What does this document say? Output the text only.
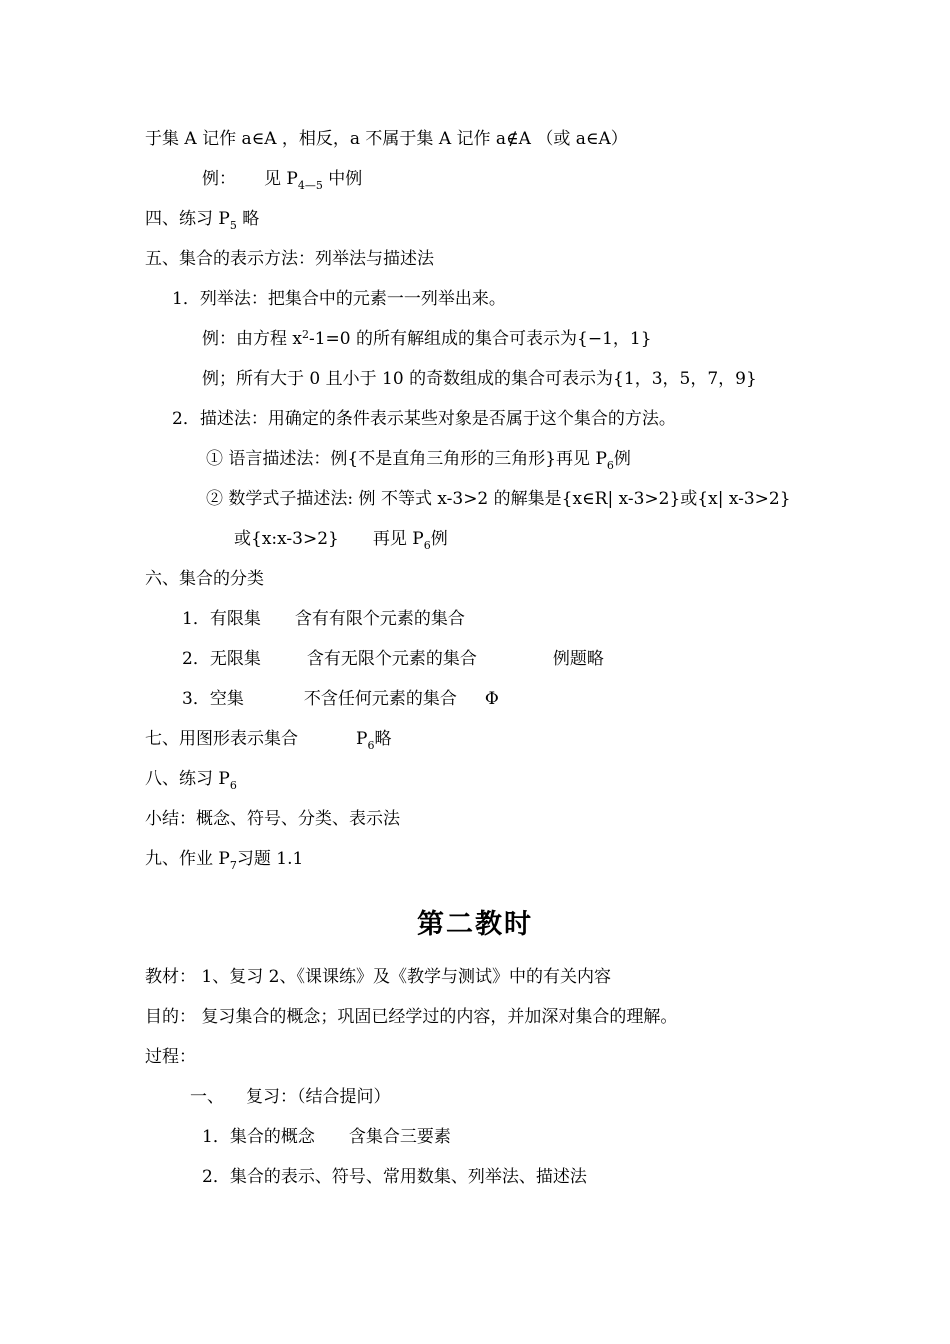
于集 A 记作 a∈A ，相反，a 不属于集 A 记作 a∉A （或 a∈A）
例： 见 $P_{4—5}$ 中例
四、练习 $P_5$ 略
五、集合的表示方法：列举法与描述法
1．列举法：把集合中的元素一一列举出来。
例：由方程 $x^2-1=0$ 的所有解组成的集合可表示为{−1，1}
例；所有大于 0 且小于 10 的奇数组成的集合可表示为{1，3，5，7，9}
2．描述法：用确定的条件表示某些对象是否属于这个集合的方法。
① 语言描述法：例{不是直角三角形的三角形}再见 $P_6$例
② 数学式子描述法: 例 不等式 x-3>2 的解集是{x∈R| x-3>2}或{x| x-3>2}
或{x:x-3>2} 再见 $P_6$例
六、集合的分类
1．有限集 含有有限个元素的集合
2．无限集	含有无限个元素的集合	例题略
3．空集	不含任何元素的集合 Φ
七、用图形表示集合	$P_6$略
八、练习 $P_6$
小结：概念、符号、分类、表示法
九、作业 $P_7$习题 1.1
第二教时
教材： 1、复习 2、《课课练》及《教学与测试》中的有关内容
目的： 复习集合的概念；巩固已经学过的内容，并加深对集合的理解。
过程：
一、 复习：（结合提问）
1．集合的概念 含集合三要素
2．集合的表示、符号、常用数集、列举法、描述法
